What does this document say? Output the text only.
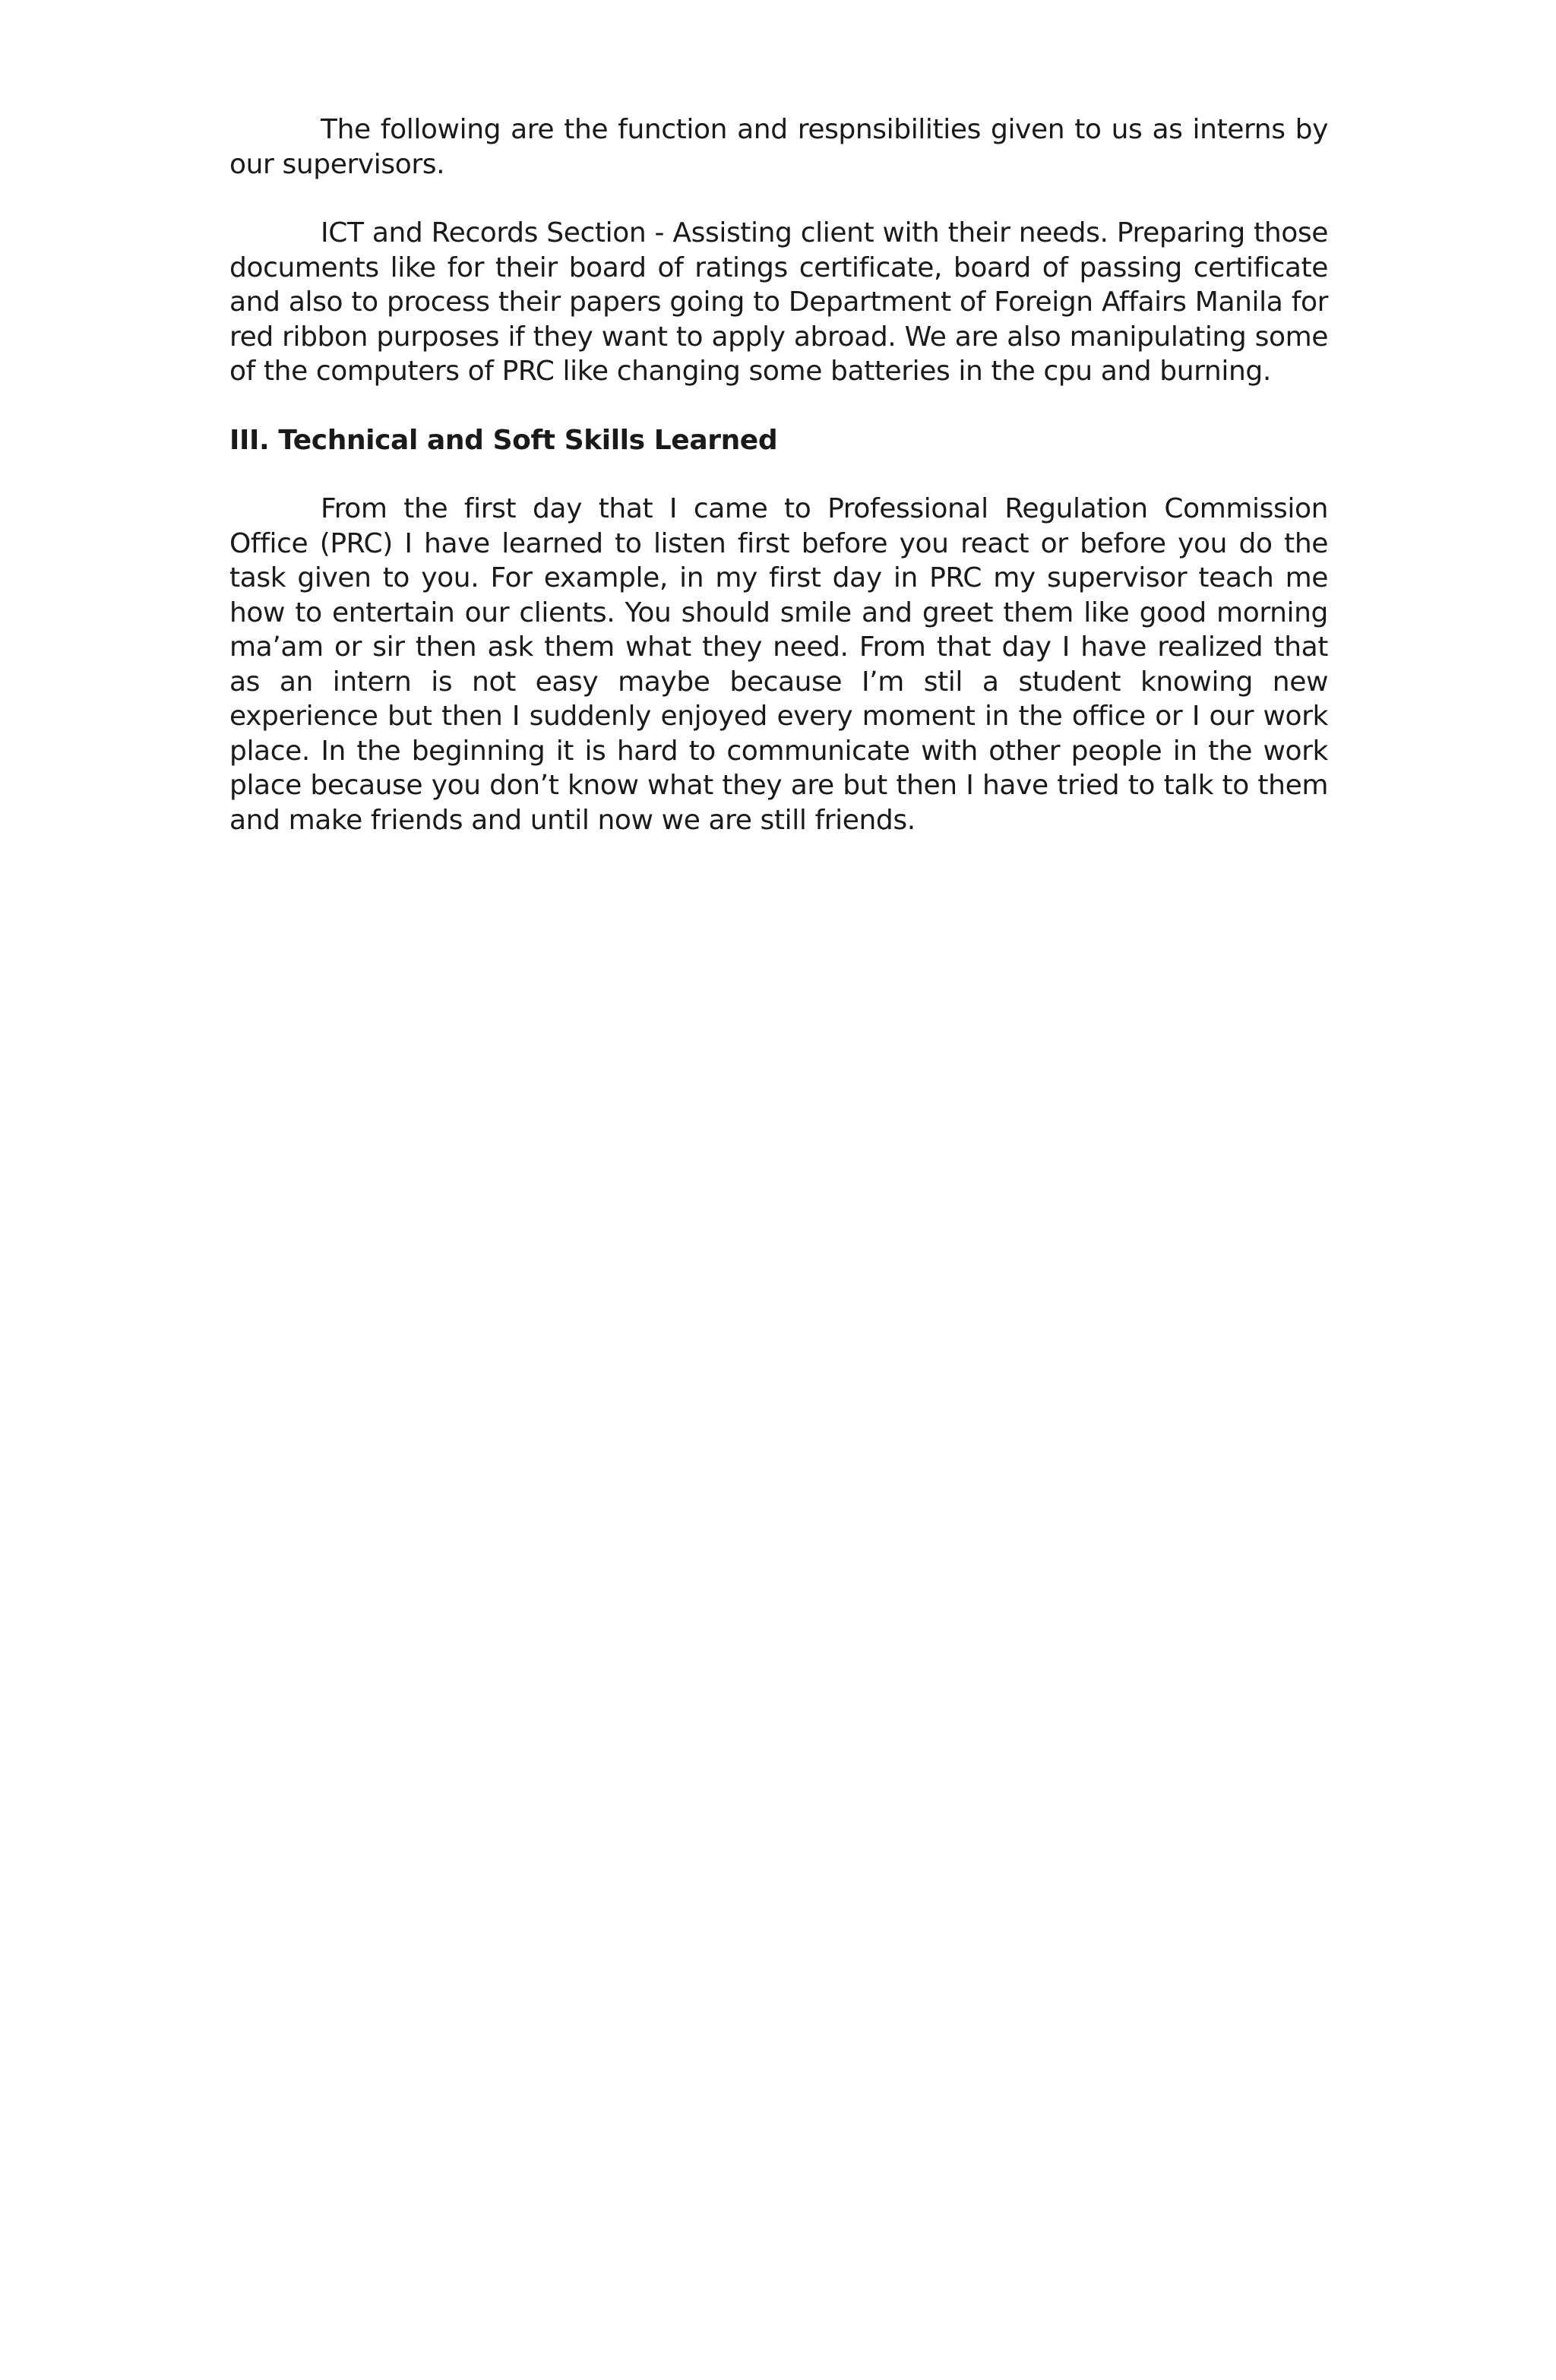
The following are the function and respnsibilities given to us as interns by our supervisors.

ICT and Records Section - Assisting client with their needs. Preparing those documents like for their board of ratings certificate, board of passing certificate and also to process their papers going to Department of Foreign Affairs Manila for red ribbon purposes if they want to apply abroad. We are also manipulating some of the computers of PRC like changing some batteries in the cpu and burning.

III. Technical and Soft Skills Learned

From the first day that I came to Professional Regulation Commission Office (PRC) I have learned to listen first before you react or before you do the task given to you. For example, in my first day in PRC my supervisor teach me how to entertain our clients. You should smile and greet them like good morning ma’am or sir then ask them what they need. From that day I have realized that as an intern is not easy maybe because I’m stil a student knowing new experience but then I suddenly enjoyed every moment in the office or I our work place. In the beginning it is hard to communicate with other people in the work place because you don’t know what they are but then I have tried to talk to them and make friends and until now we are still friends.
